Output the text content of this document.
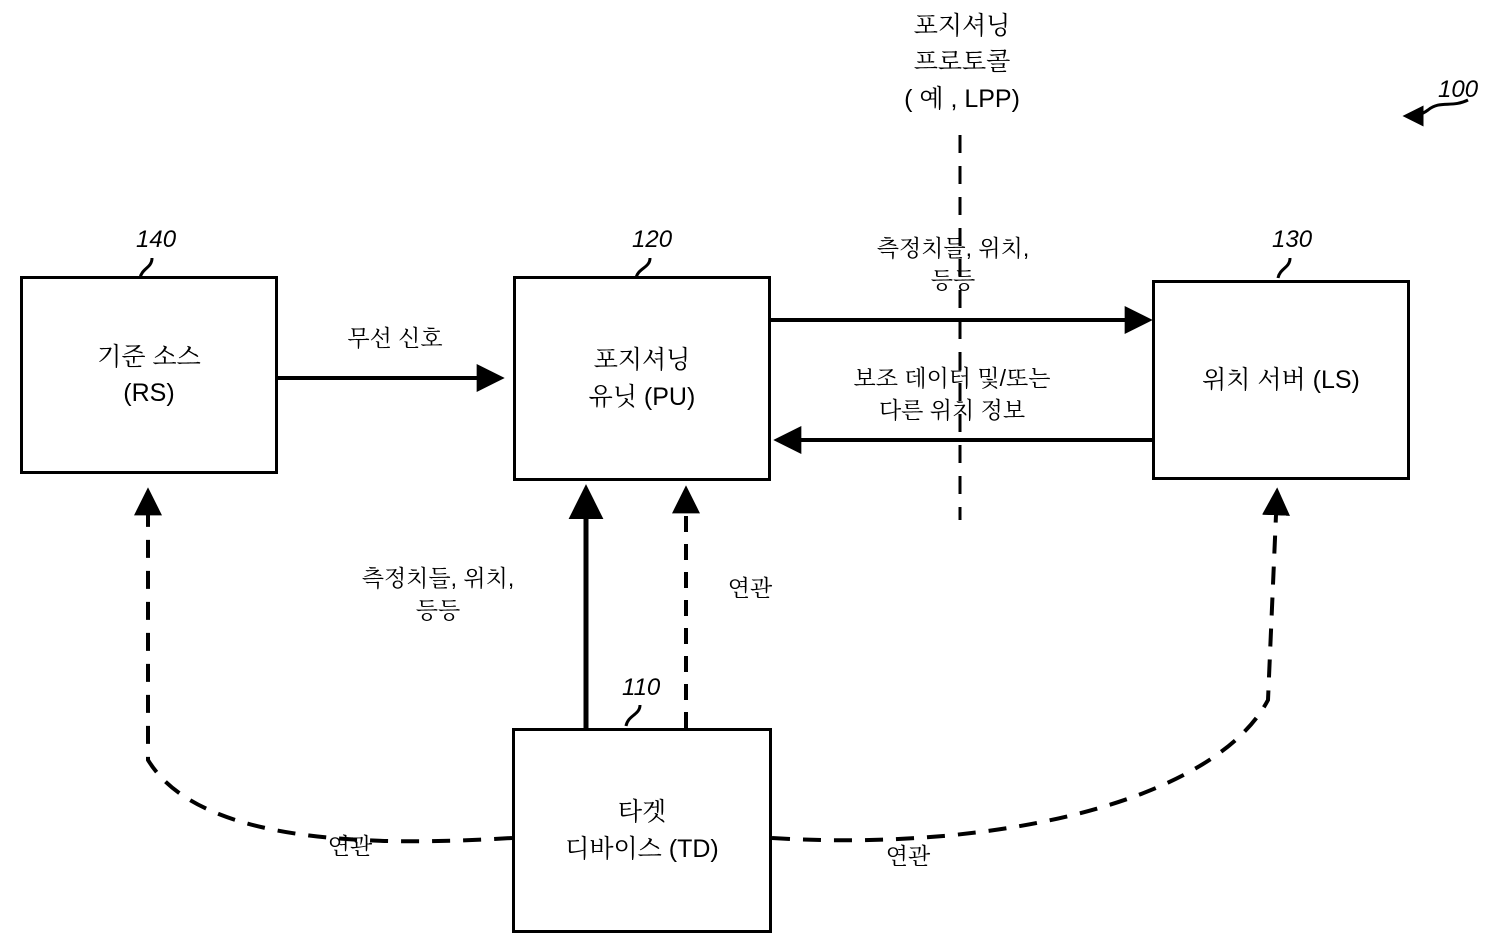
100
기준 소스
(RS)
140
포지셔닝
유닛 (PU)
120
위치 서버 (LS)
130
타겟
디바이스 (TD)
110
포지셔닝
프로토콜
( 예 , LPP)
무선 신호
측정치들, 위치,
등등
보조 데이터 및/또는
다른 위치 정보
측정치들, 위치,
등등
연관
연관	연관
